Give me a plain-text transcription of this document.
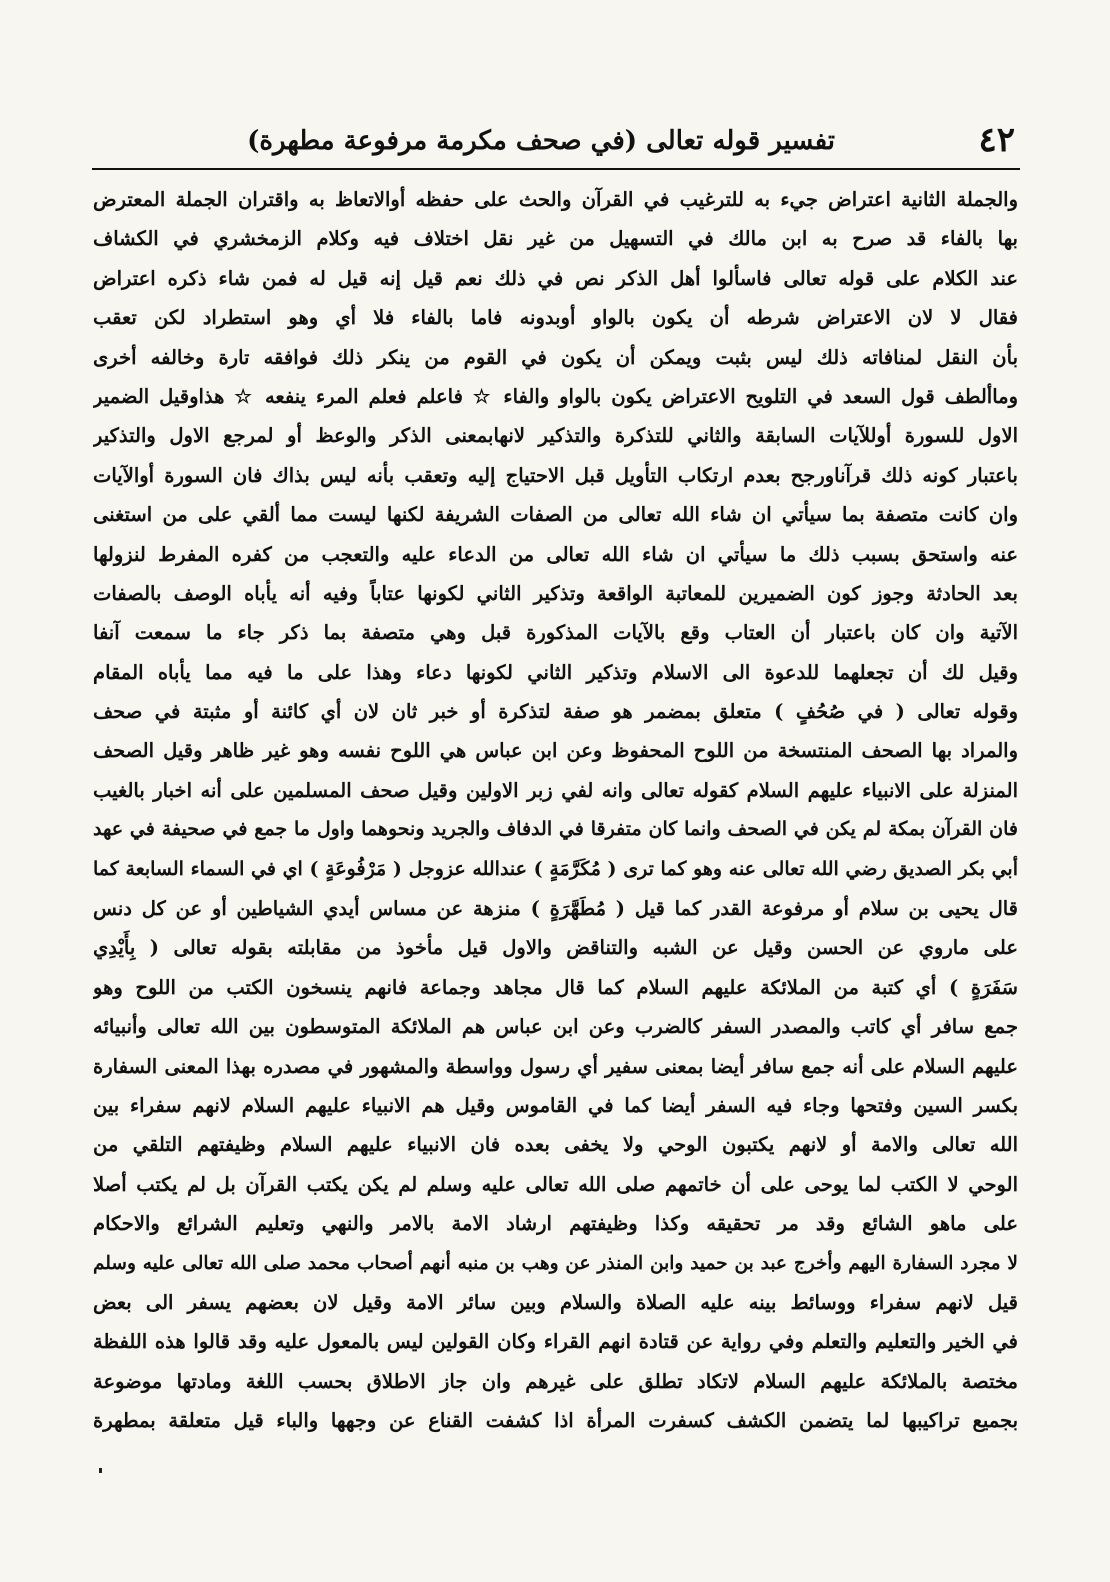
٤٢
تفسير قوله تعالى (في صحف مكرمة مرفوعة مطهرة)
والجملة الثانية اعتراض جيء به للترغيب في القرآن والحث على حفظه أوالاتعاظ به واقتران الجملة المعترض
بها بالفاء قد صرح به ابن مالك في التسهيل من غير نقل اختلاف فيه وكلام الزمخشري في الكشاف
عند الكلام على قوله تعالى فاسألوا أهل الذكر نص في ذلك نعم قيل إنه قيل له فمن شاء ذكره اعتراض
فقال لا لان الاعتراض شرطه أن يكون بالواو أوبدونه فاما بالفاء فلا أي وهو استطراد لكن تعقب
بأن النقل لمنافاته ذلك ليس بثبت ويمكن أن يكون في القوم من ينكر ذلك فوافقه تارة وخالفه أخرى
وماألطف قول السعد في التلويح الاعتراض يكون بالواو والفاء ☆ فاعلم فعلم المرء ينفعه ☆ هذاوقيل الضمير
الاول للسورة أوللآيات السابقة والثاني للتذكرة والتذكير لانهابمعنى الذكر والوعظ أو لمرجع الاول والتذكير
باعتبار كونه ذلك قرآناورجح بعدم ارتكاب التأويل قبل الاحتياج إليه وتعقب بأنه ليس بذاك فان السورة أوالآيات
وان كانت متصفة بما سيأتي ان شاء الله تعالى من الصفات الشريفة لكنها ليست مما ألقي على من استغنى
عنه واستحق بسبب ذلك ما سيأتي ان شاء الله تعالى من الدعاء عليه والتعجب من كفره المفرط لنزولها
بعد الحادثة وجوز كون الضميرين للمعاتبة الواقعة وتذكير الثاني لكونها عتاباً وفيه أنه يأباه الوصف بالصفات
الآتية وان كان باعتبار أن العتاب وقع بالآيات المذكورة قبل وهي متصفة بما ذكر جاء ما سمعت آنفا
وقيل لك أن تجعلهما للدعوة الى الاسلام وتذكير الثاني لكونها دعاء وهذا على ما فيه مما يأباه المقام
وقوله تعالى ( في صُحُفٍ ) متعلق بمضمر هو صفة لتذكرة أو خبر ثان لان أي كائنة أو مثبتة في صحف
والمراد بها الصحف المنتسخة من اللوح المحفوظ وعن ابن عباس هي اللوح نفسه وهو غير ظاهر وقيل الصحف
المنزلة على الانبياء عليهم السلام كقوله تعالى وانه لفي زبر الاولين وقيل صحف المسلمين على أنه اخبار بالغيب
فان القرآن بمكة لم يكن في الصحف وانما كان متفرقا في الدفاف والجريد ونحوهما واول ما جمع في صحيفة في عهد
أبي بكر الصديق رضي الله تعالى عنه وهو كما ترى ( مُكَرَّمَةٍ ) عندالله عزوجل ( مَرْفُوعَةٍ ) اي في السماء السابعة كما
قال يحيى بن سلام أو مرفوعة القدر كما قيل ( مُطَهَّرَةٍ ) منزهة عن مساس أيدي الشياطين أو عن كل دنس
على ماروي عن الحسن وقيل عن الشبه والتناقض والاول قيل مأخوذ من مقابلته بقوله تعالى ( بِأَيْدِي
سَفَرَةٍ ) أي كتبة من الملائكة عليهم السلام كما قال مجاهد وجماعة فانهم ينسخون الكتب من اللوح وهو
جمع سافر أي كاتب والمصدر السفر كالضرب وعن ابن عباس هم الملائكة المتوسطون بين الله تعالى وأنبيائه
عليهم السلام على أنه جمع سافر أيضا بمعنى سفير أي رسول وواسطة والمشهور في مصدره بهذا المعنى السفارة
بكسر السين وفتحها وجاء فيه السفر أيضا كما في القاموس وقيل هم الانبياء عليهم السلام لانهم سفراء بين
الله تعالى والامة أو لانهم يكتبون الوحي ولا يخفى بعده فان الانبياء عليهم السلام وظيفتهم التلقي من
الوحي لا الكتب لما يوحى على أن خاتمهم صلى الله تعالى عليه وسلم لم يكن يكتب القرآن بل لم يكتب أصلا
على ماهو الشائع وقد مر تحقيقه وكذا وظيفتهم ارشاد الامة بالامر والنهي وتعليم الشرائع والاحكام
لا مجرد السفارة اليهم وأخرج عبد بن حميد وابن المنذر عن وهب بن منبه أنهم أصحاب محمد صلى الله تعالى عليه وسلم
قيل لانهم سفراء ووسائط بينه عليه الصلاة والسلام وبين سائر الامة وقيل لان بعضهم يسفر الى بعض
في الخير والتعليم والتعلم وفي رواية عن قتادة انهم القراء وكان القولين ليس بالمعول عليه وقد قالوا هذه اللفظة
مختصة بالملائكة عليهم السلام لاتكاد تطلق على غيرهم وان جاز الاطلاق بحسب اللغة ومادتها موضوعة
بجميع تراكيبها لما يتضمن الكشف كسفرت المرأة اذا كشفت القناع عن وجهها والباء قيل متعلقة بمطهرة
